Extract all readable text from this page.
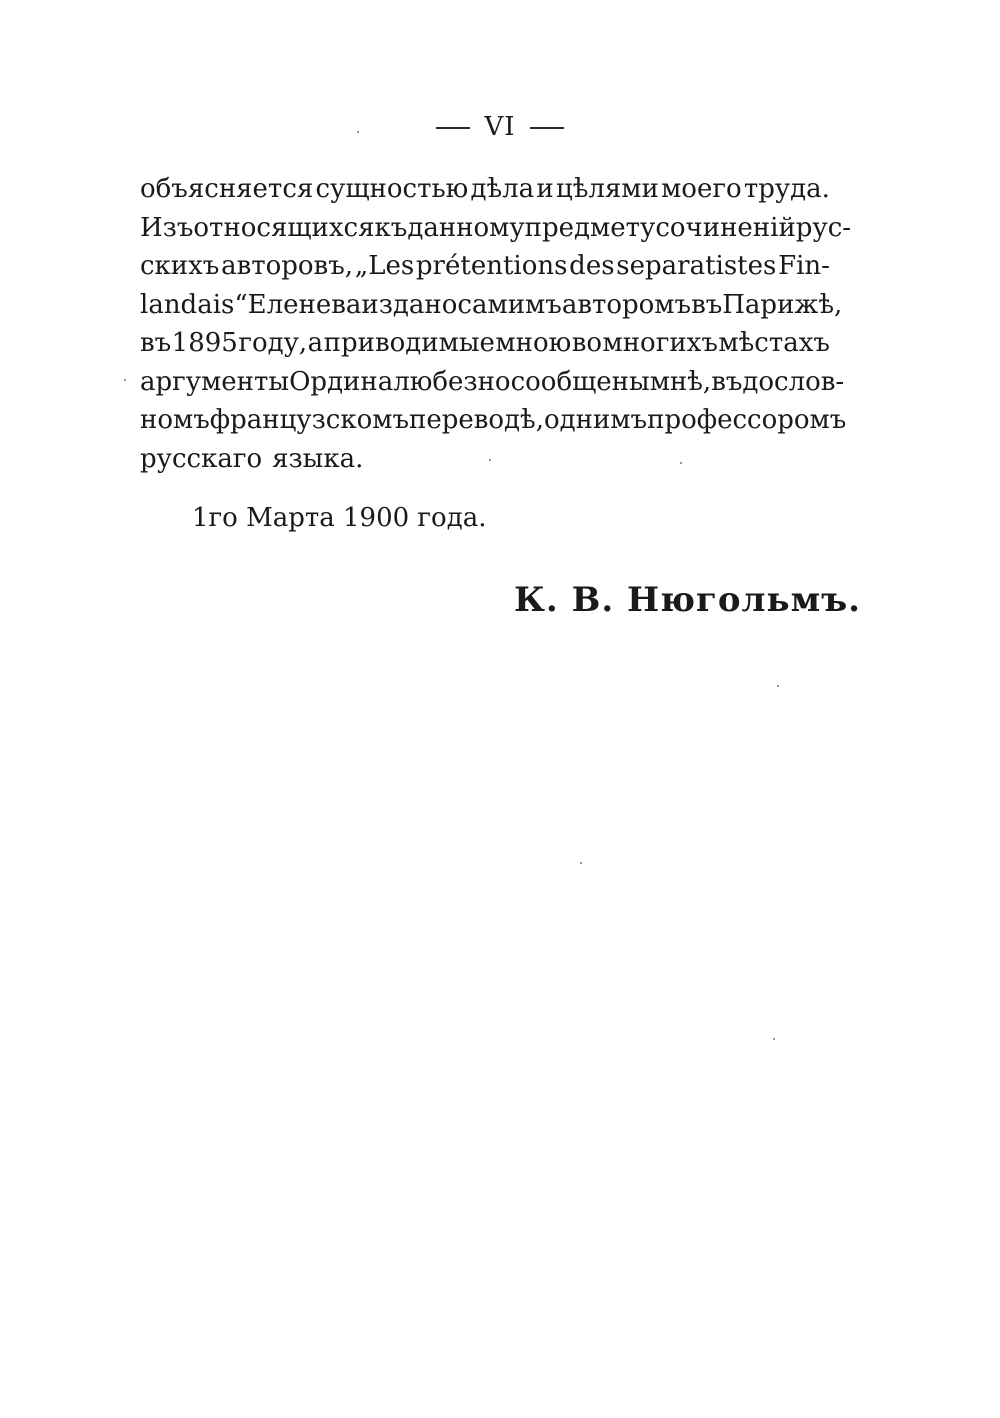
VI
объясняется сущностью дѣла и цѣлями моего труда.
Изъ относящихся къ данному предмету сочиненій рус-
скихъ авторовъ, „Les prétentions des separatistes Fin-
landais“ Еленева издано самимъ авторомъ въ Парижѣ,
въ 1895 году, а приводимые мною во многихъ мѣстахъ
аргументы Ордина любезно сообщены мнѣ, въ дослов-
номъ французскомъ переводѣ, однимъ профессоромъ
русскаго языка.
1го Марта 1900 года.
К. В. Нюгольмъ.
